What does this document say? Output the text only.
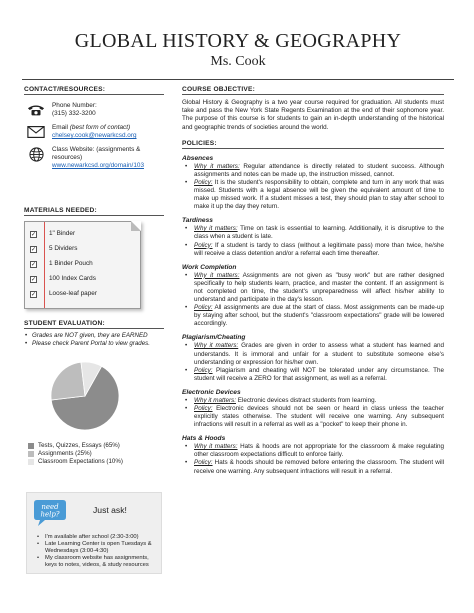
GLOBAL HISTORY & GEOGRAPHY
Ms. Cook
CONTACT/RESOURCES:
Phone Number:
(315) 332-3200
Email (best form of contact)
chelsey.cook@newarkcsd.org
Class Website: (assignments & resources)
www.newarkcsd.org/domain/103
MATERIALS NEEDED:
✓ 1" Binder
✓ 5 Dividers
✓ 1 Binder Pouch
✓ 100 Index Cards
✓ Loose-leaf paper
STUDENT EVALUATION:
• Grades are NOT given, they are EARNED
• Please check Parent Portal to view grades.
Tests, Quizzes, Essays (65%)
Assignments (25%)
Classroom Expectations (10%)
need
help?	Just ask!
• I'm available after school (2:30-3:00)
• Late Learning Center is open Tuesdays & Wednesdays (3:00-4:30)
• My classroom website has assignments, keys to notes, videos, & study resources
COURSE OBJECTIVE:
Global History & Geography is a two year course required for graduation. All students must take and pass the New York State Regents Examination at the end of their sophomore year. The purpose of this course is for students to gain an in-depth understanding of the historical and geographic trends of societies around the world.
POLICIES:
Absences
• Why it matters: Regular attendance is directly related to student success. Although assignments and notes can be made up, the instruction missed, cannot.
• Policy: It is the student's responsibility to obtain, complete and turn in any work that was missed. Students with a legal absence will be given the equivalent amount of time to make up missed work. If a student misses a test, they should plan to stay after school to make it up the day they return.
Tardiness
• Why it matters: Time on task is essential to learning. Additionally, it is disruptive to the class when a student is late.
• Policy: If a student is tardy to class (without a legitimate pass) more than twice, he/she will receive a class detention and/or a referral each time thereafter.
Work Completion
• Why it matters: Assignments are not given as "busy work" but are rather designed specifically to help students learn, practice, and master the content. If an assignment is not completed on time, the student's unpreparedness will affect his/her ability to understand and participate in the day's lesson.
• Policy: All assignments are due at the start of class. Most assignments can be made-up by staying after school, but the student's "classroom expectations" grade will be lowered accordingly.
Plagiarism/Cheating
• Why it matters: Grades are given in order to assess what a student has learned and understands. It is immoral and unfair for a student to substitute someone else's understanding or expression for his/her own.
• Policy: Plagiarism and cheating will NOT be tolerated under any circumstance. The student will receive a ZERO for that assignment, as well as a referral.
Electronic Devices
• Why it matters: Electronic devices distract students from learning.
• Policy: Electronic devices should not be seen or heard in class unless the teacher explicitly states otherwise. The student will receive one warning. Any subsequent infractions will result in a referral as well as a "pocket" to keep their phone in.
Hats & Hoods
• Why it matters: Hats & hoods are not appropriate for the classroom & make regulating other classroom expectations difficult to enforce fairly.
• Policy: Hats & hoods should be removed before entering the classroom. The student will receive one warning. Any subsequent infractions will result in a referral.
